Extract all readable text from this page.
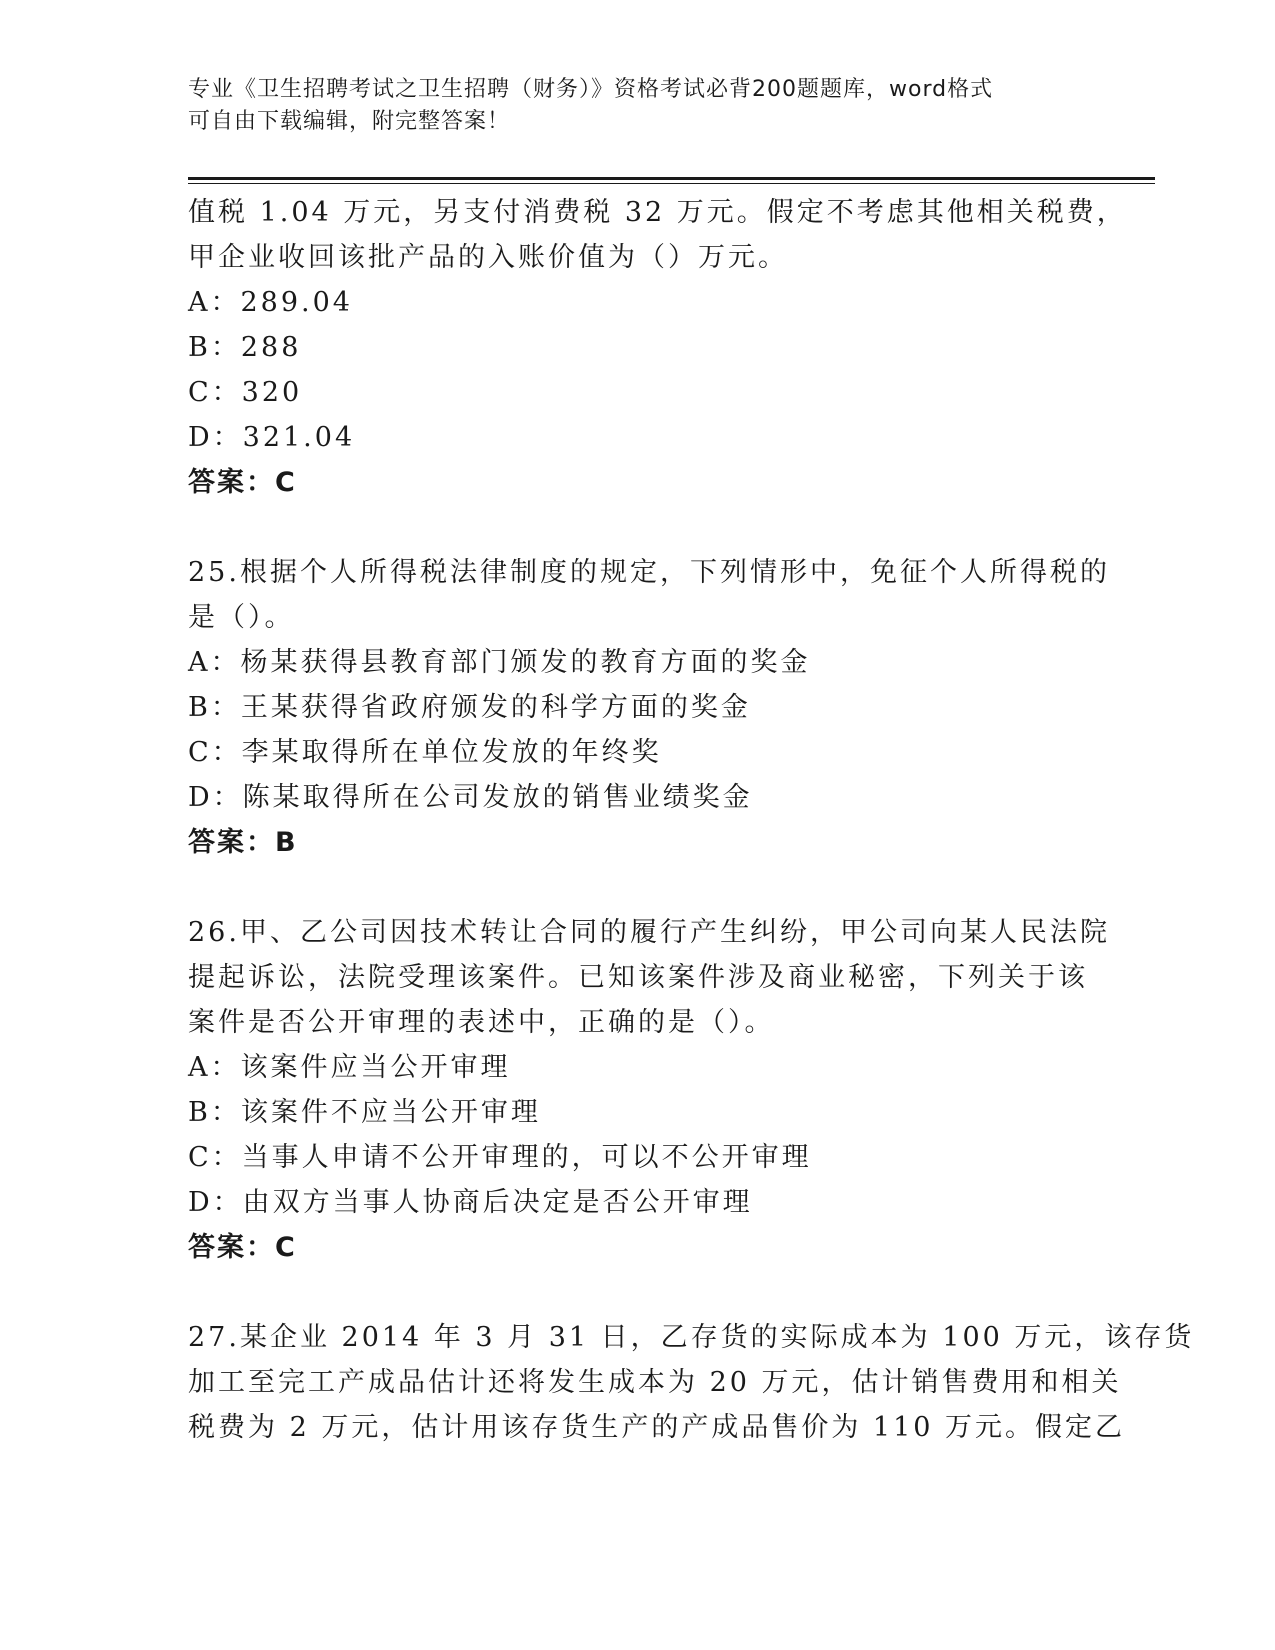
专业《卫生招聘考试之卫生招聘（财务）》资格考试必背200题题库，word格式
可自由下载编辑，附完整答案！
值税 1.04 万元，另支付消费税 32 万元。假定不考虑其他相关税费，
甲企业收回该批产品的入账价值为（）万元。
A：289.04
B：288
C：320
D：321.04
答案：C
25.根据个人所得税法律制度的规定，下列情形中，免征个人所得税的
是（）。
A：杨某获得县教育部门颁发的教育方面的奖金
B：王某获得省政府颁发的科学方面的奖金
C：李某取得所在单位发放的年终奖
D：陈某取得所在公司发放的销售业绩奖金
答案：B
26.甲、乙公司因技术转让合同的履行产生纠纷，甲公司向某人民法院
提起诉讼，法院受理该案件。已知该案件涉及商业秘密，下列关于该
案件是否公开审理的表述中，正确的是（）。
A：该案件应当公开审理
B：该案件不应当公开审理
C：当事人申请不公开审理的，可以不公开审理
D：由双方当事人协商后决定是否公开审理
答案：C
27.某企业 2014 年 3 月 31 日，乙存货的实际成本为 100 万元，该存货
加工至完工产成品估计还将发生成本为 20 万元，估计销售费用和相关
税费为 2 万元，估计用该存货生产的产成品售价为 110 万元。假定乙
